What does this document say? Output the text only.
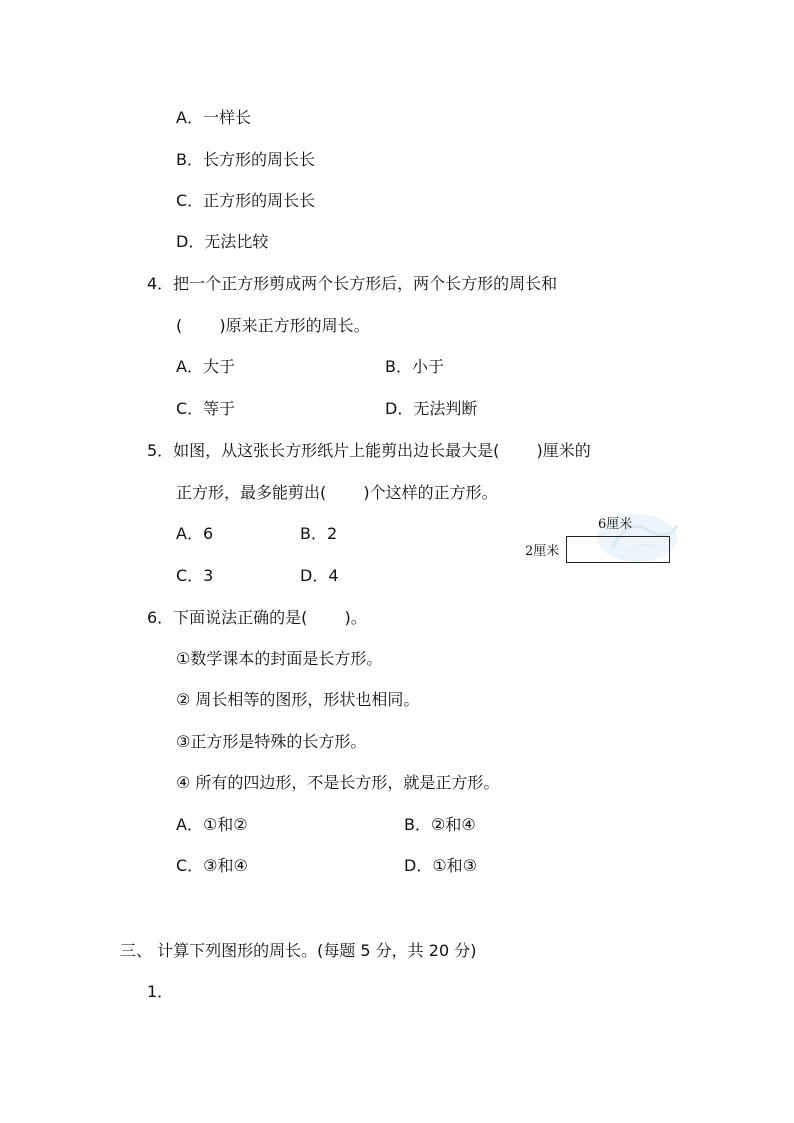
A．一样长
B．长方形的周长长
C．正方形的周长长
D．无法比较
4．把一个正方形剪成两个长方形后，两个长方形的周长和
(　　 )原来正方形的周长。
A．大于	B．小于
C．等于	D．无法判断
5．如图，从这张长方形纸片上能剪出边长最大是(　　 )厘米的
正方形，最多能剪出(　　 )个这样的正方形。
A．6	B．2
C．3	D．4
6厘米
2厘米
6．下面说法正确的是(　　 )。
①数学课本的封面是长方形。
② 周长相等的图形，形状也相同。
③正方形是特殊的长方形。
④ 所有的四边形，不是长方形，就是正方形。
A．①和②	B．②和④
C．③和④	D．①和③
三、 计算下列图形的周长。(每题 5 分，共 20 分)
1．
